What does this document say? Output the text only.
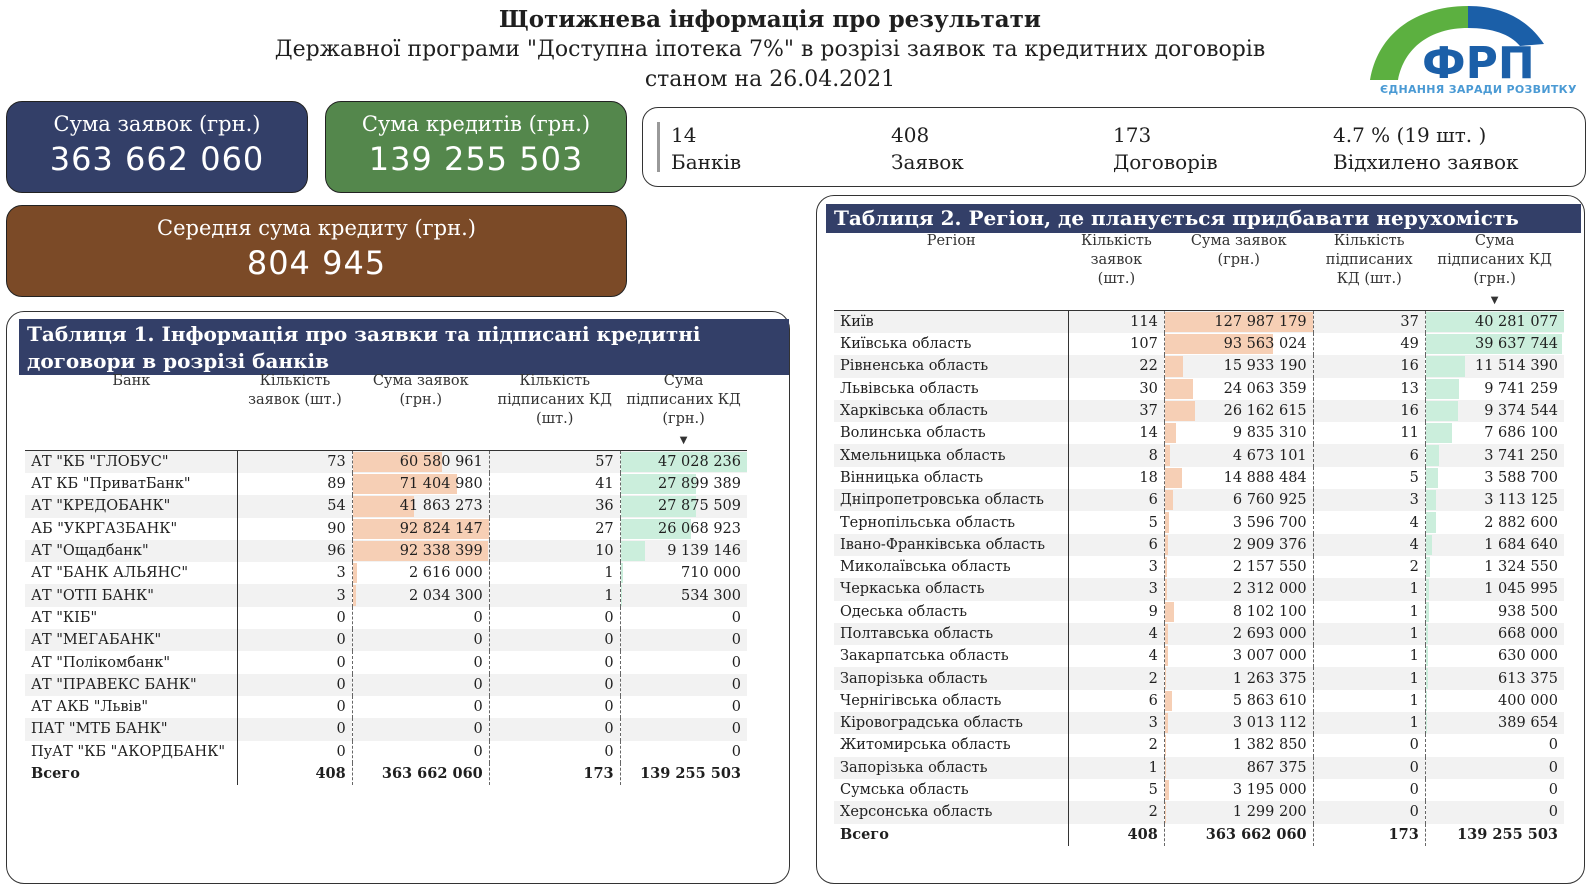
Щотижнева інформація про результати
Державної програми "Доступна іпотека 7%" в розрізі заявок та кредитних договорів
станом на 26.04.2021	ФРП
ЄДНАННЯ ЗАРАДИ РОЗВИТКУ
Сума заявок (грн.)
363 662 060
Сума кредитів (грн.)
139 255 503
Середня сума кредиту (грн.)
804 945
14
Банків
408
Заявок
173
Договорів
4.7 % (19 шт. )
Відхилено заявок
Таблиця 1. Інформація про заявки та підписані кредитні договори в розрізі банків
Банк	Кількість заявок (шт.)	Сума заявок (грн.)	Кількість підписаних КД (шт.)	Сума підписаних КД (грн.)
▼

АТ "КБ "ГЛОБУС"	73	60 580 961	57	47 028 236
АТ КБ "ПриватБанк"	89	71 404 980	41	27 899 389
АТ "КРЕДОБАНК"	54	41 863 273	36	27 875 509
АБ "УКРГАЗБАНК"	90	92 824 147	27	26 068 923
АТ "Ощадбанк"	96	92 338 399	10	9 139 146
АТ "БАНК АЛЬЯНС"	3	2 616 000	1	710 000
АТ "ОТП БАНК"	3	2 034 300	1	534 300
АТ "КІБ"	0	0	0	0
АТ "МЕГАБАНК"	0	0	0	0
АТ "Полікомбанк"	0	0	0	0
АТ "ПРАВЕКС БАНК"	0	0	0	0
АТ АКБ "Львів"	0	0	0	0
ПАТ "МТБ БАНК"	0	0	0	0
ПуАТ "КБ "АКОРДБАНК"	0	0	0	0
Всего	408	363 662 060	173	139 255 503
Таблиця 2. Регіон, де планується придбавати нерухомість
Регіон	Кількість заявок (шт.)	Сума заявок (грн.)	Кількість підписаних КД (шт.)	Сума підписаних КД (грн.)
▼

Київ	114	127 987 179	37	40 281 077
Київська область	107	93 563 024	49	39 637 744
Рівненська область	22	15 933 190	16	11 514 390
Львівська область	30	24 063 359	13	9 741 259
Харківська область	37	26 162 615	16	9 374 544
Волинська область	14	9 835 310	11	7 686 100
Хмельницька область	8	4 673 101	6	3 741 250
Вінницька область	18	14 888 484	5	3 588 700
Дніпропетровська область	6	6 760 925	3	3 113 125
Тернопільська область	5	3 596 700	4	2 882 600
Івано-Франківська область	6	2 909 376	4	1 684 640
Миколаївська область	3	2 157 550	2	1 324 550
Черкаська область	3	2 312 000	1	1 045 995
Одеська область	9	8 102 100	1	938 500
Полтавська область	4	2 693 000	1	668 000
Закарпатська область	4	3 007 000	1	630 000
Запорізька область	2	1 263 375	1	613 375
Чернігівська область	6	5 863 610	1	400 000
Кіровоградська область	3	3 013 112	1	389 654
Житомирська область	2	1 382 850	0	0
Запорізька область	1	867 375	0	0
Сумська область	5	3 195 000	0	0
Херсонська область	2	1 299 200	0	0
Всего	408	363 662 060	173	139 255 503
